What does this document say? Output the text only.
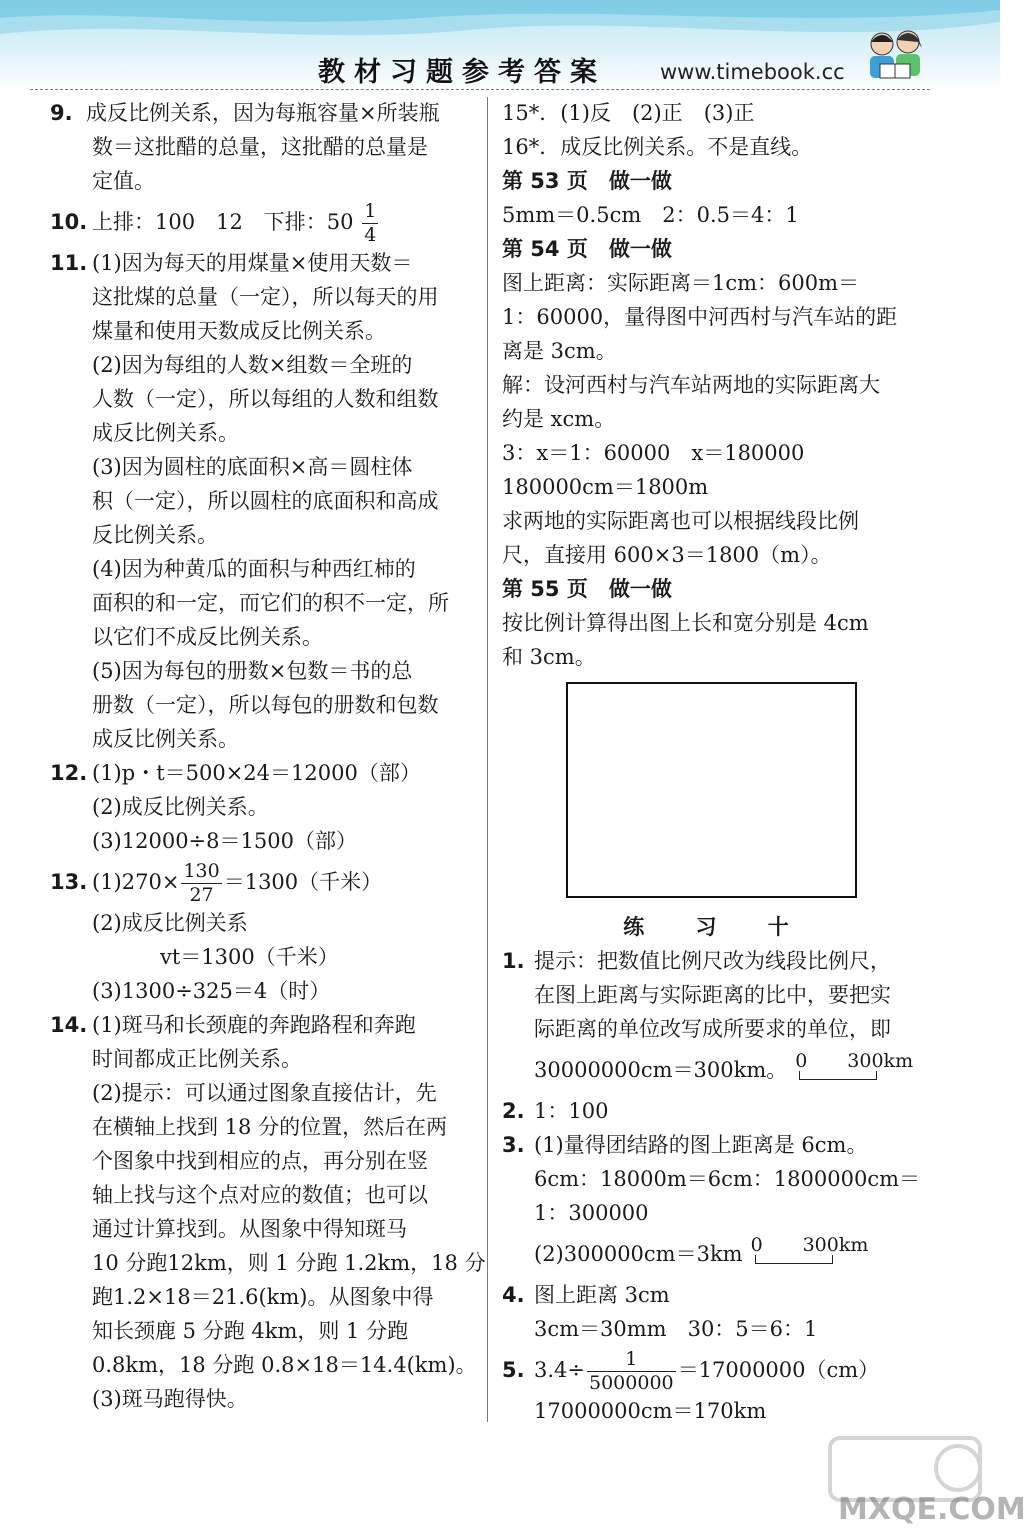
教材习题参考答案	www.timebook.cc
9. 成反比例关系，因为每瓶容量×所装瓶
数＝这批醋的总量，这批醋的总量是
定值。
10. 上排：100　12　下排：$50 \frac{1}{4}$
11. (1)因为每天的用煤量×使用天数＝
这批煤的总量（一定），所以每天的用
煤量和使用天数成反比例关系。
(2)因为每组的人数×组数＝全班的
人数（一定），所以每组的人数和组数
成反比例关系。
(3)因为圆柱的底面积×高＝圆柱体
积（一定），所以圆柱的底面积和高成
反比例关系。
(4)因为种黄瓜的面积与种西红柿的
面积的和一定，而它们的积不一定，所
以它们不成反比例关系。
(5)因为每包的册数×包数＝书的总
册数（一定），所以每包的册数和包数
成反比例关系。
12. (1)p・t＝500×24＝12000（部）
(2)成反比例关系。
(3)12000÷8＝1500（部）
13. $(1)270\times \frac{130}{27} =1300$（千米）
(2)成反比例关系
vt＝1300（千米）
(3)1300÷325＝4（时）
14. (1)斑马和长颈鹿的奔跑路程和奔跑
时间都成正比例关系。
(2)提示：可以通过图象直接估计，先
在横轴上找到 18 分的位置，然后在两
个图象中找到相应的点，再分别在竖
轴上找与这个点对应的数值；也可以
通过计算找到。从图象中得知斑马
10 分跑12km，则 1 分跑 1.2km，18 分
跑1.2×18＝21.6(km)。从图象中得
知长颈鹿 5 分跑 4km，则 1 分跑
0.8km，18 分跑 0.8×18＝14.4(km)。
(3)斑马跑得快。
15*．(1)反　(2)正　(3)正
16*．成反比例关系。不是直线。
第 53 页　做一做
5mm＝0.5cm　2：0.5＝4：1
第 54 页　做一做
图上距离：实际距离＝1cm：600m＝
1：60000，量得图中河西村与汽车站的距
离是 3cm。
解：设河西村与汽车站两地的实际距离大
约是 xcm。
3：x＝1：60000　x＝180000
180000cm＝1800m
求两地的实际距离也可以根据线段比例
尺，直接用 600×3＝1800（m）。
第 55 页　做一做
按比例计算得出图上长和宽分别是 4cm
和 3cm。
练 习 十
1. 提示：把数值比例尺改为线段比例尺，
在图上距离与实际距离的比中，要把实
际距离的单位改写成所要求的单位，即
30000000cm＝300km。 0 300km
2. 1：100
3. (1)量得团结路的图上距离是 6cm。
6cm：18000m＝6cm：1800000cm＝
1：300000
(2)300000cm＝3km 0 300km
4. 图上距离 3cm
3cm＝30mm　30：5＝6：1
5. $3.4\div \frac{1}{5000000} =17000000(cm)$
17000000cm＝170km
MXQE.COM
